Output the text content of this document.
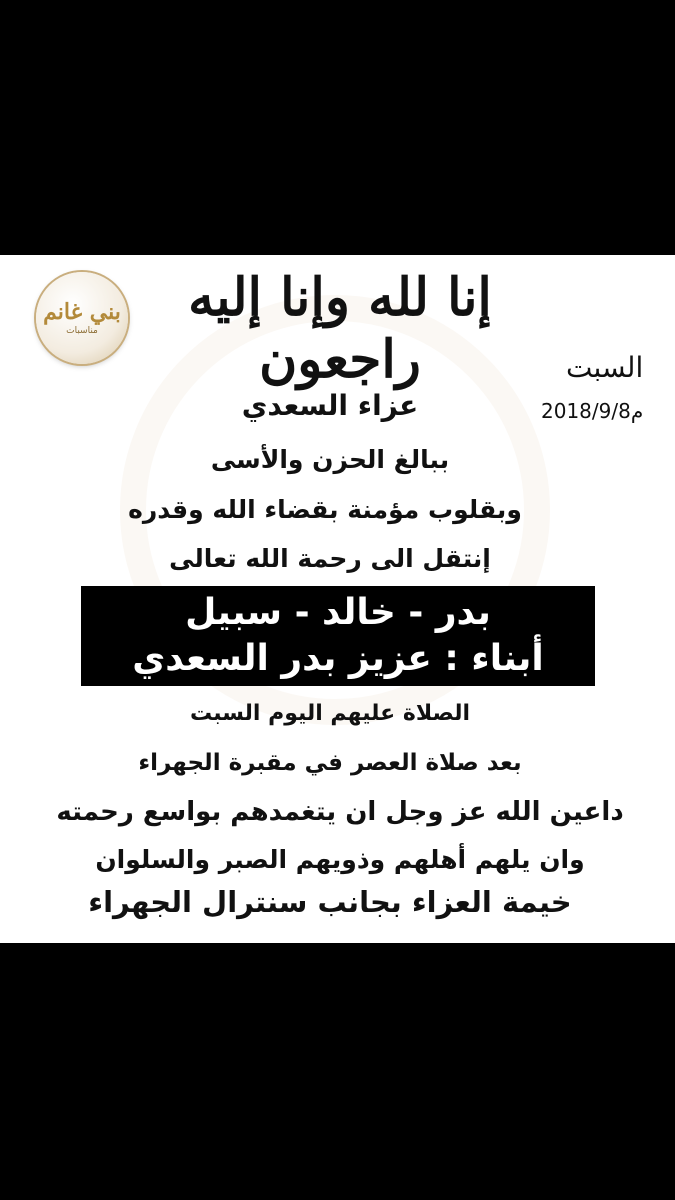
بني غانم
مناسبات
إنا لله وإنا إليه راجعون	السبت
2018/9/8م
عزاء السعدي
ببالغ الحزن والأسى
وبقلوب مؤمنة بقضاء الله وقدره
إنتقل الى رحمة الله تعالى
بدر - خالد - سبيل
أبناء : عزيز بدر السعدي
الصلاة عليهم اليوم السبت
بعد صلاة العصر في مقبرة الجهراء
داعين الله عز وجل ان يتغمدهم بواسع رحمته
وان يلهم أهلهم وذويهم الصبر والسلوان
خيمة العزاء بجانب سنترال الجهراء
